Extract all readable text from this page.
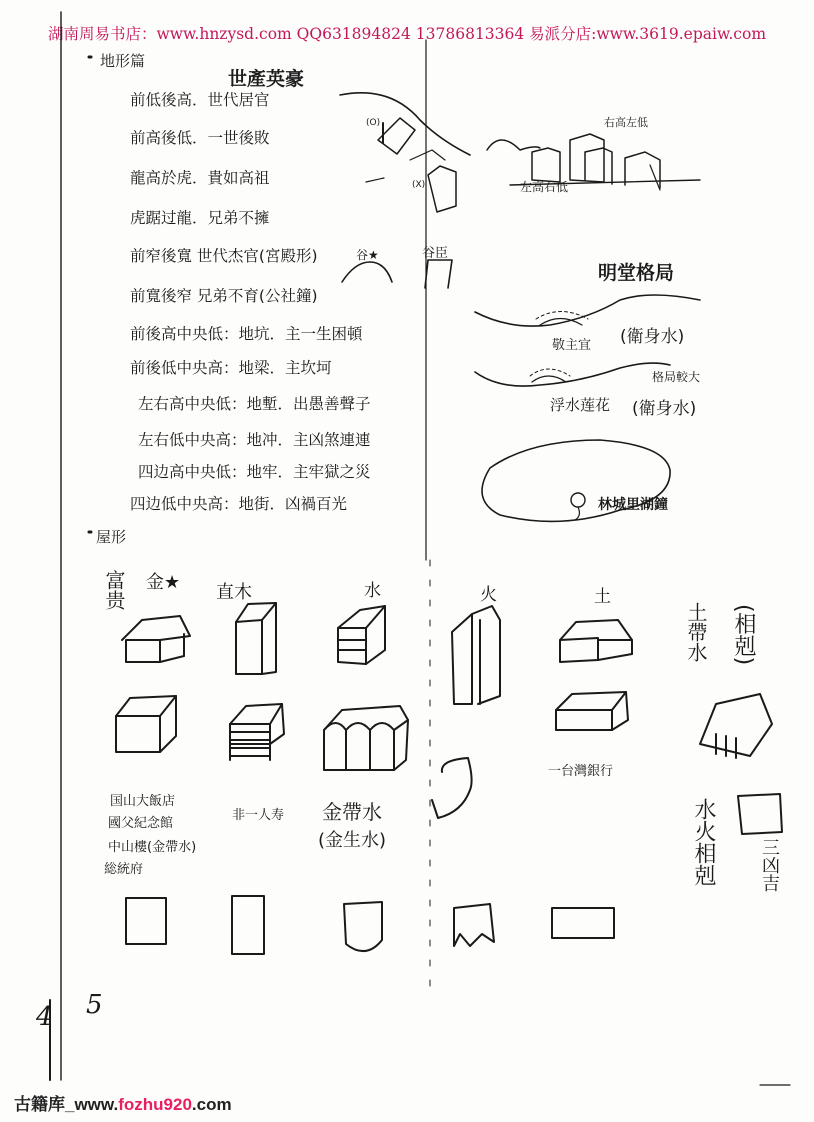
湖南周易书店：www.hnzysd.com QQ631894824 13786813364 易派分店:www.3619.epaiw.com
地形篇
世產英豪
前低後高．世代居官
前高後低．一世後敗
龍高於虎．貴如高祖
虎踞过龍．兄弟不擁
前窄後寬 世代杰官(宮殿形)
前寬後窄 兄弟不育(公社鐘)
前後高中央低：地坑．主一生困頓
前後低中央高：地梁．主坎坷
左右高中央低：地塹．出愚善聲子
左右低中央高：地冲．主凶煞連連
四边高中央低：地牢．主牢獄之災
四边低中央高：地街．凶禍百光
右高左低
左高右低
(O)
(X)
谷★	谷臣
明堂格局
敬主宜 (衛身水)
格局較大
浮水莲花 (衛身水)
林城里湖鐘
屋形
金★ 直木	水	火	土
富贵
(相剋)
土帶水
一台灣銀行
国山大飯店
國父紀念館
中山樓(金帶水)
総統府
非一人寿 金帶水
(金生水)	水火相剋 三凶吉
4 5
古籍库_www.fozhu920.com
